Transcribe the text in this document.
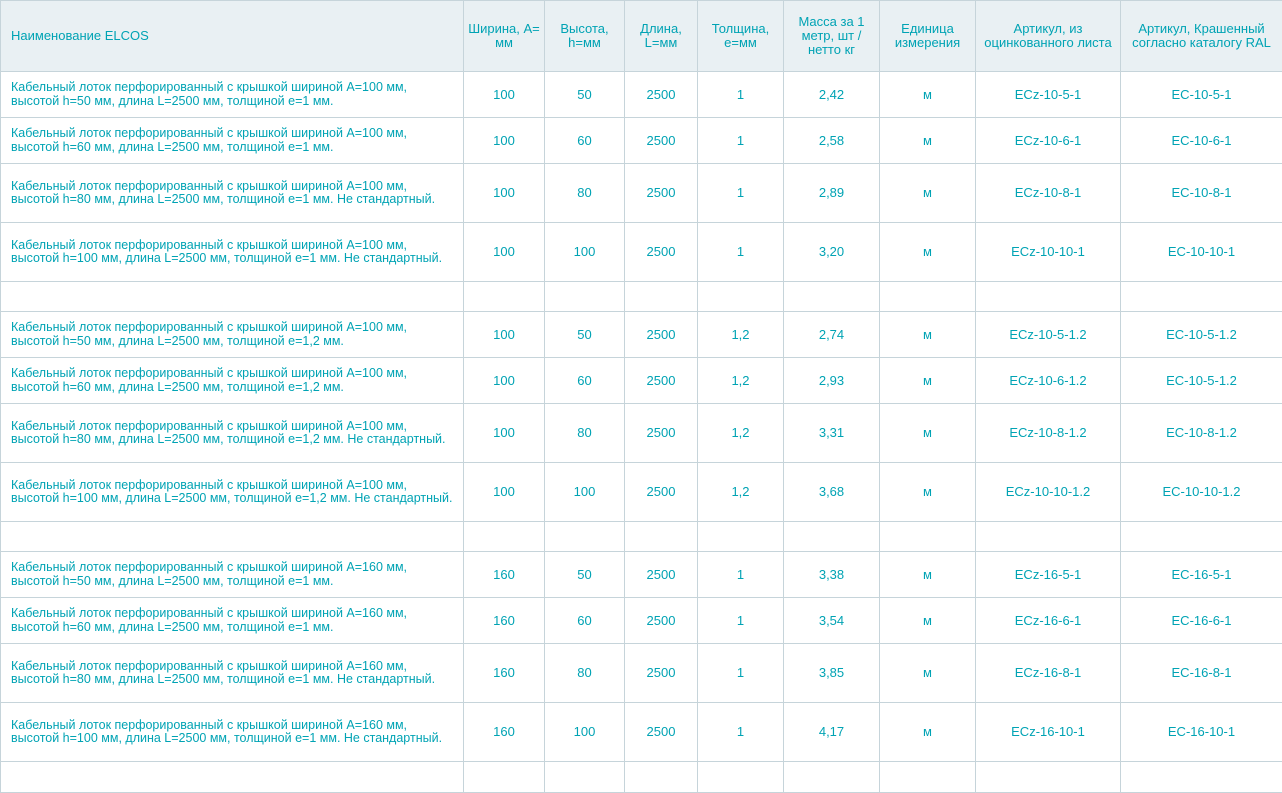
Наименование ELCOS	Ширина, А= мм	Высота, h=мм	Длина, L=мм	Толщина, е=мм	Масса за 1 метр, шт / нетто кг	Единица измерения	Артикул, из оцинкованного листа	Артикул, Крашенный согласно каталогу RAL
Кабельный лоток перфорированный с крышкой шириной А=100 мм, высотой h=50 мм, длина L=2500 мм, толщиной е=1 мм.	100	50	2500	1	2,42	м	ECz-10-5-1	EC-10-5-1
Кабельный лоток перфорированный с крышкой шириной А=100 мм, высотой h=60 мм, длина L=2500 мм, толщиной е=1 мм.	100	60	2500	1	2,58	м	ECz-10-6-1	EC-10-6-1
Кабельный лоток перфорированный с крышкой шириной А=100 мм, высотой h=80 мм, длина L=2500 мм, толщиной е=1 мм. Не стандартный.	100	80	2500	1	2,89	м	ECz-10-8-1	EC-10-8-1
Кабельный лоток перфорированный с крышкой шириной А=100 мм, высотой h=100 мм, длина L=2500 мм, толщиной е=1 мм. Не стандартный.	100	100	2500	1	3,20	м	ECz-10-10-1	EC-10-10-1

Кабельный лоток перфорированный с крышкой шириной А=100 мм, высотой h=50 мм, длина L=2500 мм, толщиной е=1,2 мм.	100	50	2500	1,2	2,74	м	ECz-10-5-1.2	EC-10-5-1.2
Кабельный лоток перфорированный с крышкой шириной А=100 мм, высотой h=60 мм, длина L=2500 мм, толщиной е=1,2 мм.	100	60	2500	1,2	2,93	м	ECz-10-6-1.2	EC-10-5-1.2
Кабельный лоток перфорированный с крышкой шириной А=100 мм, высотой h=80 мм, длина L=2500 мм, толщиной е=1,2 мм. Не стандартный.	100	80	2500	1,2	3,31	м	ECz-10-8-1.2	EC-10-8-1.2
Кабельный лоток перфорированный с крышкой шириной А=100 мм, высотой h=100 мм, длина L=2500 мм, толщиной е=1,2 мм. Не стандартный.	100	100	2500	1,2	3,68	м	ECz-10-10-1.2	EC-10-10-1.2

Кабельный лоток перфорированный с крышкой шириной А=160 мм, высотой h=50 мм, длина L=2500 мм, толщиной е=1 мм.	160	50	2500	1	3,38	м	ECz-16-5-1	EC-16-5-1
Кабельный лоток перфорированный с крышкой шириной А=160 мм, высотой h=60 мм, длина L=2500 мм, толщиной е=1 мм.	160	60	2500	1	3,54	м	ECz-16-6-1	EC-16-6-1
Кабельный лоток перфорированный с крышкой шириной А=160 мм, высотой h=80 мм, длина L=2500 мм, толщиной е=1 мм. Не стандартный.	160	80	2500	1	3,85	м	ECz-16-8-1	EC-16-8-1
Кабельный лоток перфорированный с крышкой шириной А=160 мм, высотой h=100 мм, длина L=2500 мм, толщиной е=1 мм. Не стандартный.	160	100	2500	1	4,17	м	ECz-16-10-1	EC-16-10-1
